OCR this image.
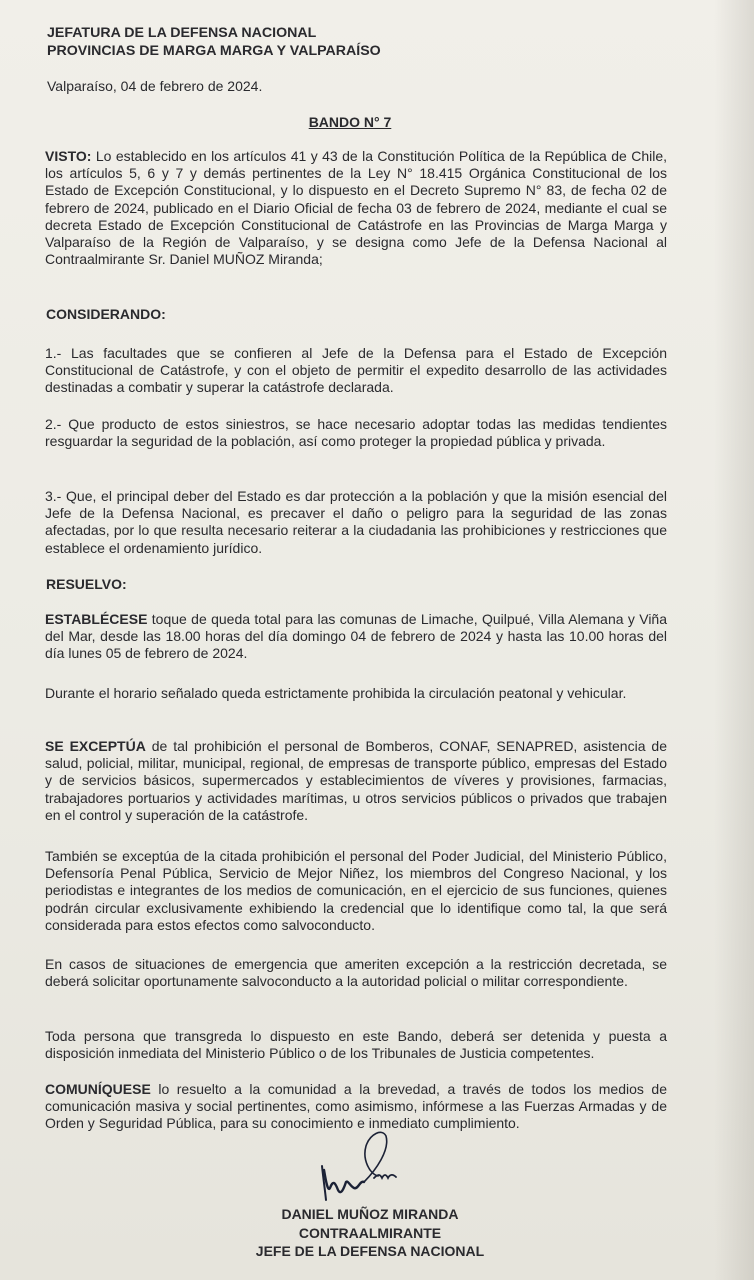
JEFATURA DE LA DEFENSA NACIONAL
PROVINCIAS DE MARGA MARGA Y VALPARAÍSO
Valparaíso, 04 de febrero de 2024.
BANDO N° 7
VISTO: Lo establecido en los artículos 41 y 43 de la Constitución Política de la República de Chile, los artículos 5, 6 y 7 y demás pertinentes de la Ley N° 18.415 Orgánica Constitucional de los Estado de Excepción Constitucional, y lo dispuesto en el Decreto Supremo N° 83, de fecha 02 de febrero de 2024, publicado en el Diario Oficial de fecha 03 de febrero de 2024, mediante el cual se decreta Estado de Excepción Constitucional de Catástrofe en las Provincias de Marga Marga y Valparaíso de la Región de Valparaíso, y se designa como Jefe de la Defensa Nacional al Contraalmirante Sr. Daniel MUÑOZ Miranda;
CONSIDERANDO:
1.- Las facultades que se confieren al Jefe de la Defensa para el Estado de Excepción Constitucional de Catástrofe, y con el objeto de permitir el expedito desarrollo de las actividades destinadas a combatir y superar la catástrofe declarada.
2.- Que producto de estos siniestros, se hace necesario adoptar todas las medidas tendientes resguardar la seguridad de la población, así como proteger la propiedad pública y privada.
3.- Que, el principal deber del Estado es dar protección a la población y que la misión esencial del Jefe de la Defensa Nacional, es precaver el daño o peligro para la seguridad de las zonas afectadas, por lo que resulta necesario reiterar a la ciudadania las prohibiciones y restricciones que establece el ordenamiento jurídico.
RESUELVO:
ESTABLÉCESE toque de queda total para las comunas de Limache, Quilpué, Villa Alemana y Viña del Mar, desde las 18.00 horas del día domingo 04 de febrero de 2024 y hasta las 10.00 horas del día lunes 05 de febrero de 2024.
Durante el horario señalado queda estrictamente prohibida la circulación peatonal y vehicular.
SE EXCEPTÚA de tal prohibición el personal de Bomberos, CONAF, SENAPRED, asistencia de salud, policial, militar, municipal, regional, de empresas de transporte público, empresas del Estado y de servicios básicos, supermercados y establecimientos de víveres y provisiones, farmacias, trabajadores portuarios y actividades marítimas, u otros servicios públicos o privados que trabajen en el control y superación de la catástrofe.
También se exceptúa de la citada prohibición el personal del Poder Judicial, del Ministerio Público, Defensoría Penal Pública, Servicio de Mejor Niñez, los miembros del Congreso Nacional, y los periodistas e integrantes de los medios de comunicación, en el ejercicio de sus funciones, quienes podrán circular exclusivamente exhibiendo la credencial que lo identifique como tal, la que será considerada para estos efectos como salvoconducto.
En casos de situaciones de emergencia que ameriten excepción a la restricción decretada, se deberá solicitar oportunamente salvoconducto a la autoridad policial o militar correspondiente.
Toda persona que transgreda lo dispuesto en este Bando, deberá ser detenida y puesta a disposición inmediata del Ministerio Público o de los Tribunales de Justicia competentes.
COMUNÍQUESE lo resuelto a la comunidad a la brevedad, a través de todos los medios de comunicación masiva y social pertinentes, como asimismo, infórmese a las Fuerzas Armadas y de Orden y Seguridad Pública, para su conocimiento e inmediato cumplimiento.
DANIEL MUÑOZ MIRANDA
CONTRAALMIRANTE
JEFE DE LA DEFENSA NACIONAL
